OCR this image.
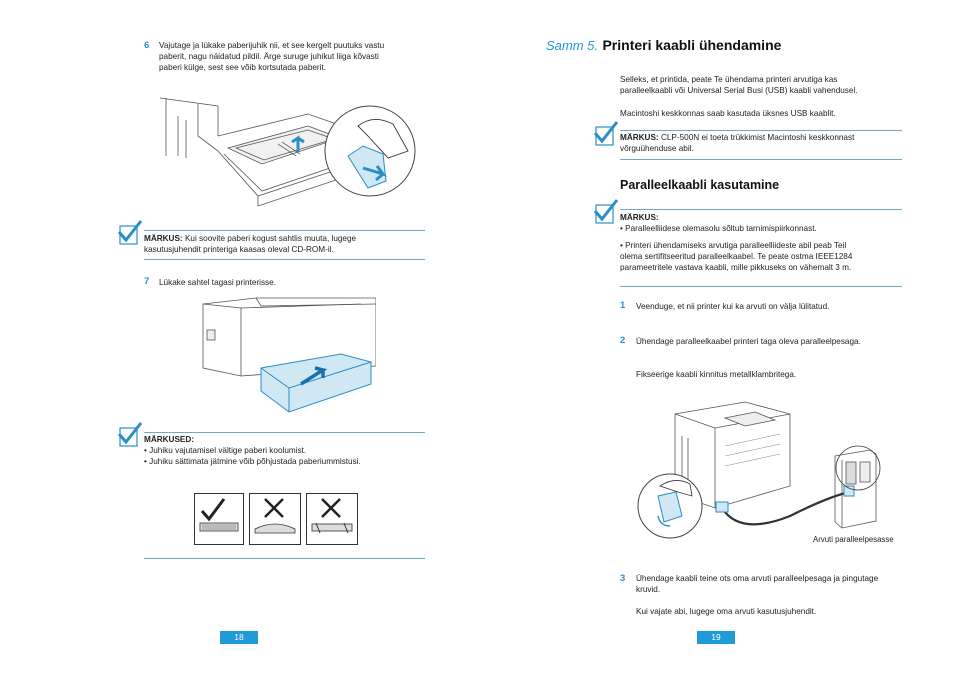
6 Vajutage ja lükake paberijuhik nii, et see kergelt puutuks vastu
paberit, nagu näidatud pildil. Ärge suruge juhikut liiga kõvasti
paberi külge, sest see võib kortsutada paberit.
MÄRKUS: Kui soovite paberi kogust sahtlis muuta, lugege
kasutusjuhendit printeriga kaasas oleval CD-ROM-il.
7 Lükake sahtel tagasi printerisse.
MÄRKUSED:
• Juhiku vajutamisel vältige paberi koolumist.
• Juhiku sättimata jätmine võib põhjustada paberiummistusi.
18
Samm 5. Printeri kaabli ühendamine
Selleks, et printida, peate Te ühendama printeri arvutiga kas
paralleelkaabli või Universal Serial Busi (USB) kaabli vahendusel.
Macintoshi keskkonnas saab kasutada üksnes USB kaablit.
MÄRKUS: CLP-500N ei toeta trükkimist Macintoshi keskkonnast
võrguühenduse abil.
Paralleelkaabli kasutamine
MÄRKUS:
• Paralleelliidese olemasolu sõltub tarnimispiirkonnast.
• Printeri ühendamiseks arvutiga paralleelliideste abil peab Teil
olema sertifitseeritud paralleelkaabel. Te peate ostma IEEE1284
parameetritele vastava kaabli, mille pikkuseks on vähemalt 3 m.
1 Veenduge, et nii printer kui ka arvuti on välja lülitatud.
2 Ühendage paralleelkaabel printeri taga oleva paralleelpesaga.
Fikseerige kaabli kinnitus metallklambritega.
Arvuti paralleelpesasse
3 Ühendage kaabli teine ots oma arvuti paralleelpesaga ja pingutage
kruvid.
Kui vajate abi, lugege oma arvuti kasutusjuhendit.
19
